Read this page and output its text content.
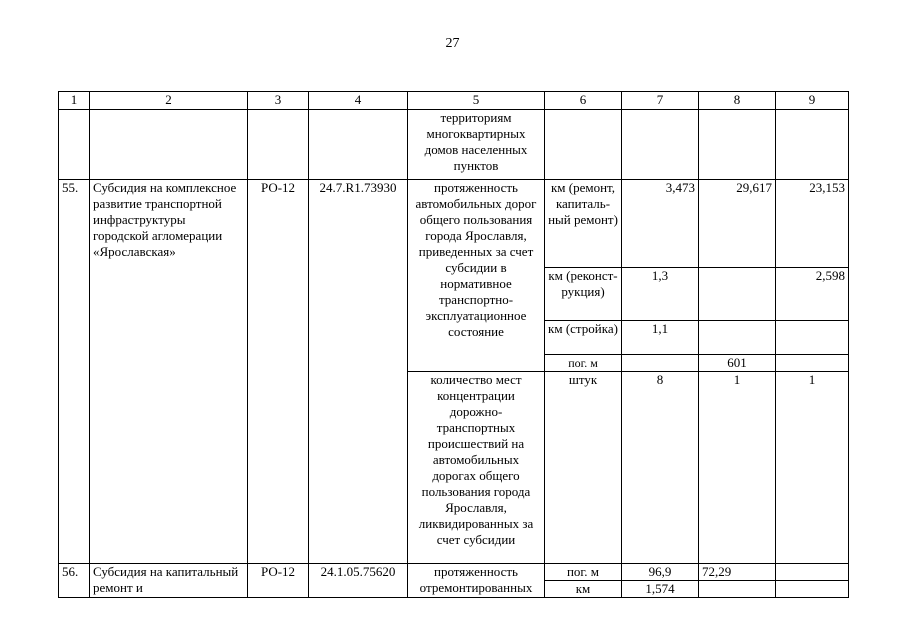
27
1	2	3	4	5	6	7	8	9
				территориям многоквартирных домов населенных пунктов				
55.	Субсидия на комплексное развитие транспортной инфраструктуры городской агломерации «Ярославская»	РО-12	24.7.R1.73930	протяженность автомобильных дорог общего пользования города Ярославля, приведенных за счет субсидии в нормативное транспортно-эксплуатационное состояние	км (ремонт, капиталь-ный ремонт)	3,473	29,617	23,153
					км (реконст-рукция)	1,3		2,598
					км (стройка)	1,1		
					пог. м		601	
				количество мест концентрации дорожно-транспортных происшествий на автомобильных дорогах общего пользования города Ярославля, ликвидированных за счет субсидии	штук	8	1	1
56.	Субсидия на капитальный ремонт и	РО-12	24.1.05.75620	протяженность отремонтированных	пог. м	96,9	72,29	
					км	1,574		
